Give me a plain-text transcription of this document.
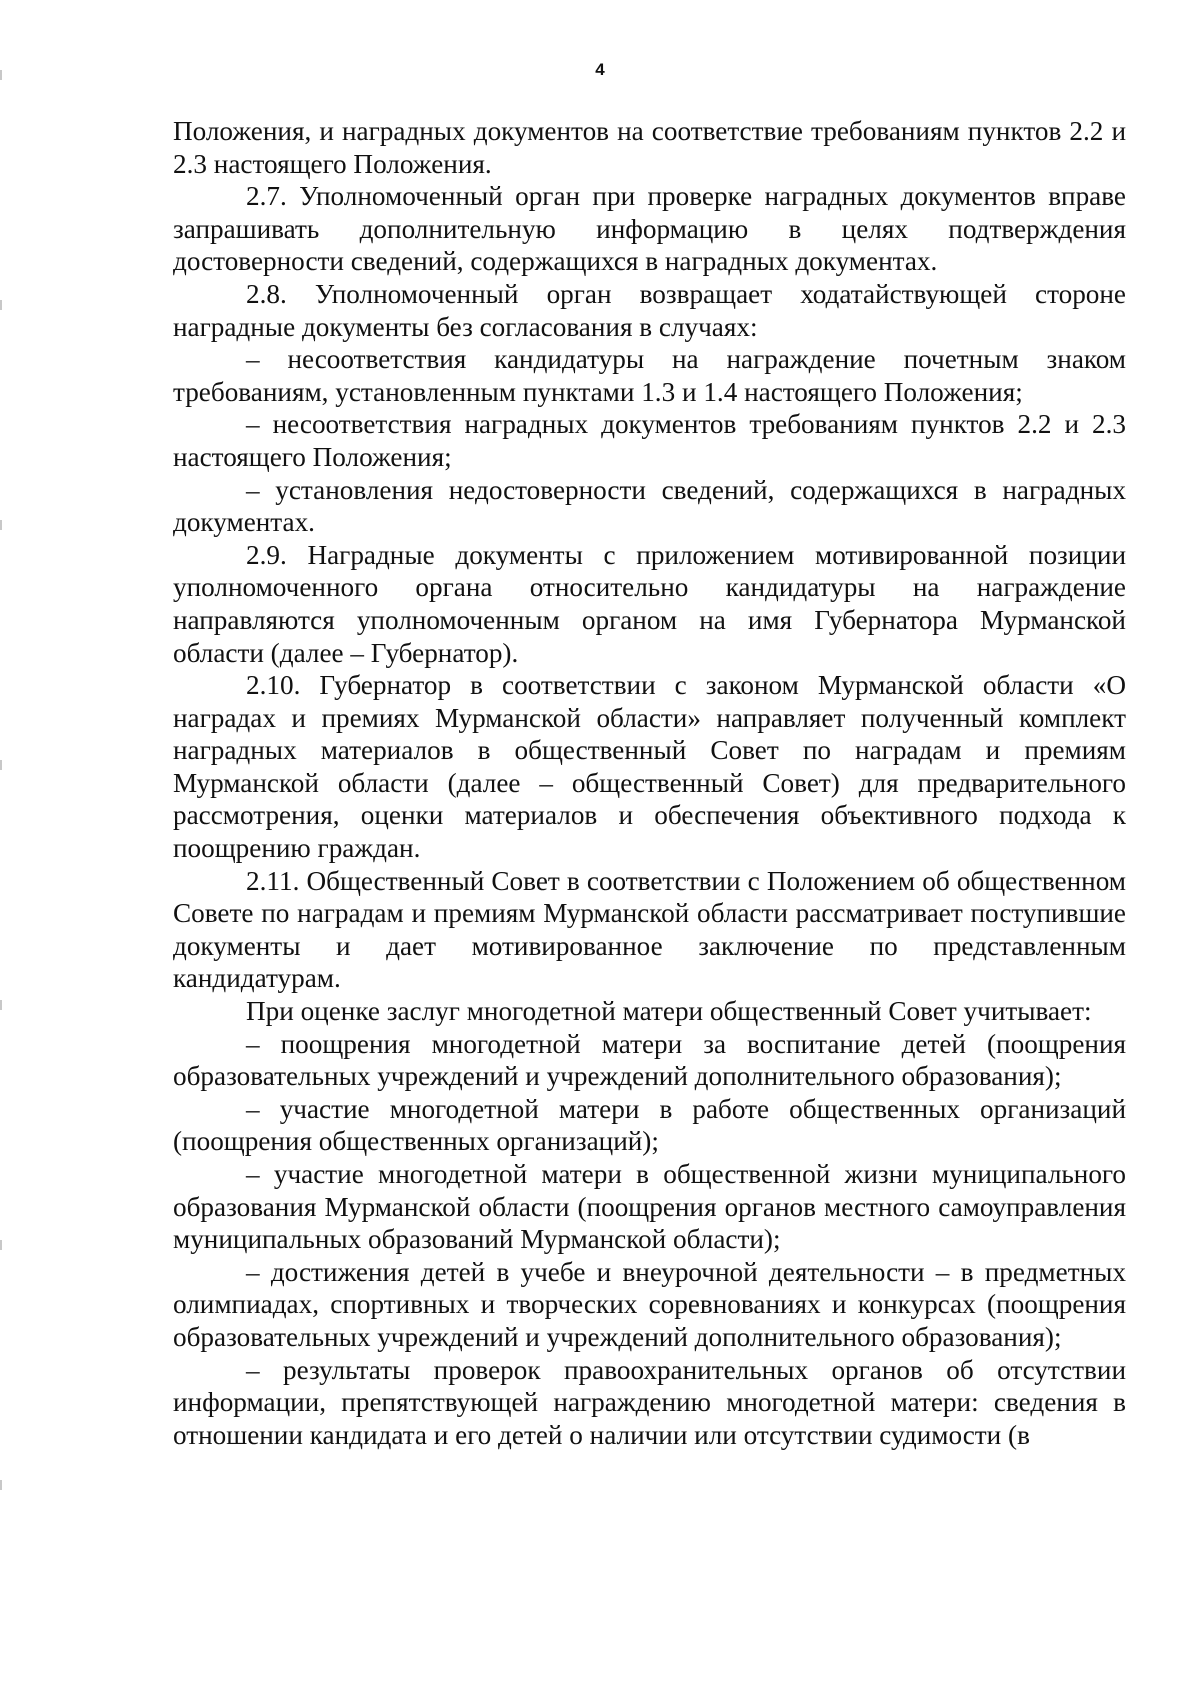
4

Положения, и наградных документов на соответствие требованиям пунктов 2.2 и 2.3 настоящего Положения.

2.7. Уполномоченный орган при проверке наградных документов вправе запрашивать дополнительную информацию в целях подтверждения достоверности сведений, содержащихся в наградных документах.

2.8. Уполномоченный орган возвращает ходатайствующей стороне наградные документы без согласования в случаях:

– несоответствия кандидатуры на награждение почетным знаком требованиям, установленным пунктами 1.3 и 1.4 настоящего Положения;

– несоответствия наградных документов требованиям пунктов 2.2 и 2.3 настоящего Положения;

– установления недостоверности сведений, содержащихся в наградных документах.

2.9. Наградные документы с приложением мотивированной позиции уполномоченного органа относительно кандидатуры на награждение направляются уполномоченным органом на имя Губернатора Мурманской области (далее – Губернатор).

2.10. Губернатор в соответствии с законом Мурманской области «О наградах и премиях Мурманской области» направляет полученный комплект наградных материалов в общественный Совет по наградам и премиям Мурманской области (далее – общественный Совет) для предварительного рассмотрения, оценки материалов и обеспечения объективного подхода к поощрению граждан.

2.11. Общественный Совет в соответствии с Положением об общественном Совете по наградам и премиям Мурманской области рассматривает поступившие документы и дает мотивированное заключение по представленным кандидатурам.

При оценке заслуг многодетной матери общественный Совет учитывает:

– поощрения многодетной матери за воспитание детей (поощрения образовательных учреждений и учреждений дополнительного образования);

– участие многодетной матери в работе общественных организаций (поощрения общественных организаций);

– участие многодетной матери в общественной жизни муниципального образования Мурманской области (поощрения органов местного самоуправления муниципальных образований Мурманской области);

– достижения детей в учебе и внеурочной деятельности – в предметных олимпиадах, спортивных и творческих соревнованиях и конкурсах (поощрения образовательных учреждений и учреждений дополнительного образования);

– результаты проверок правоохранительных органов об отсутствии информации, препятствующей награждению многодетной матери: сведения в отношении кандидата и его детей о наличии или отсутствии судимости (в
